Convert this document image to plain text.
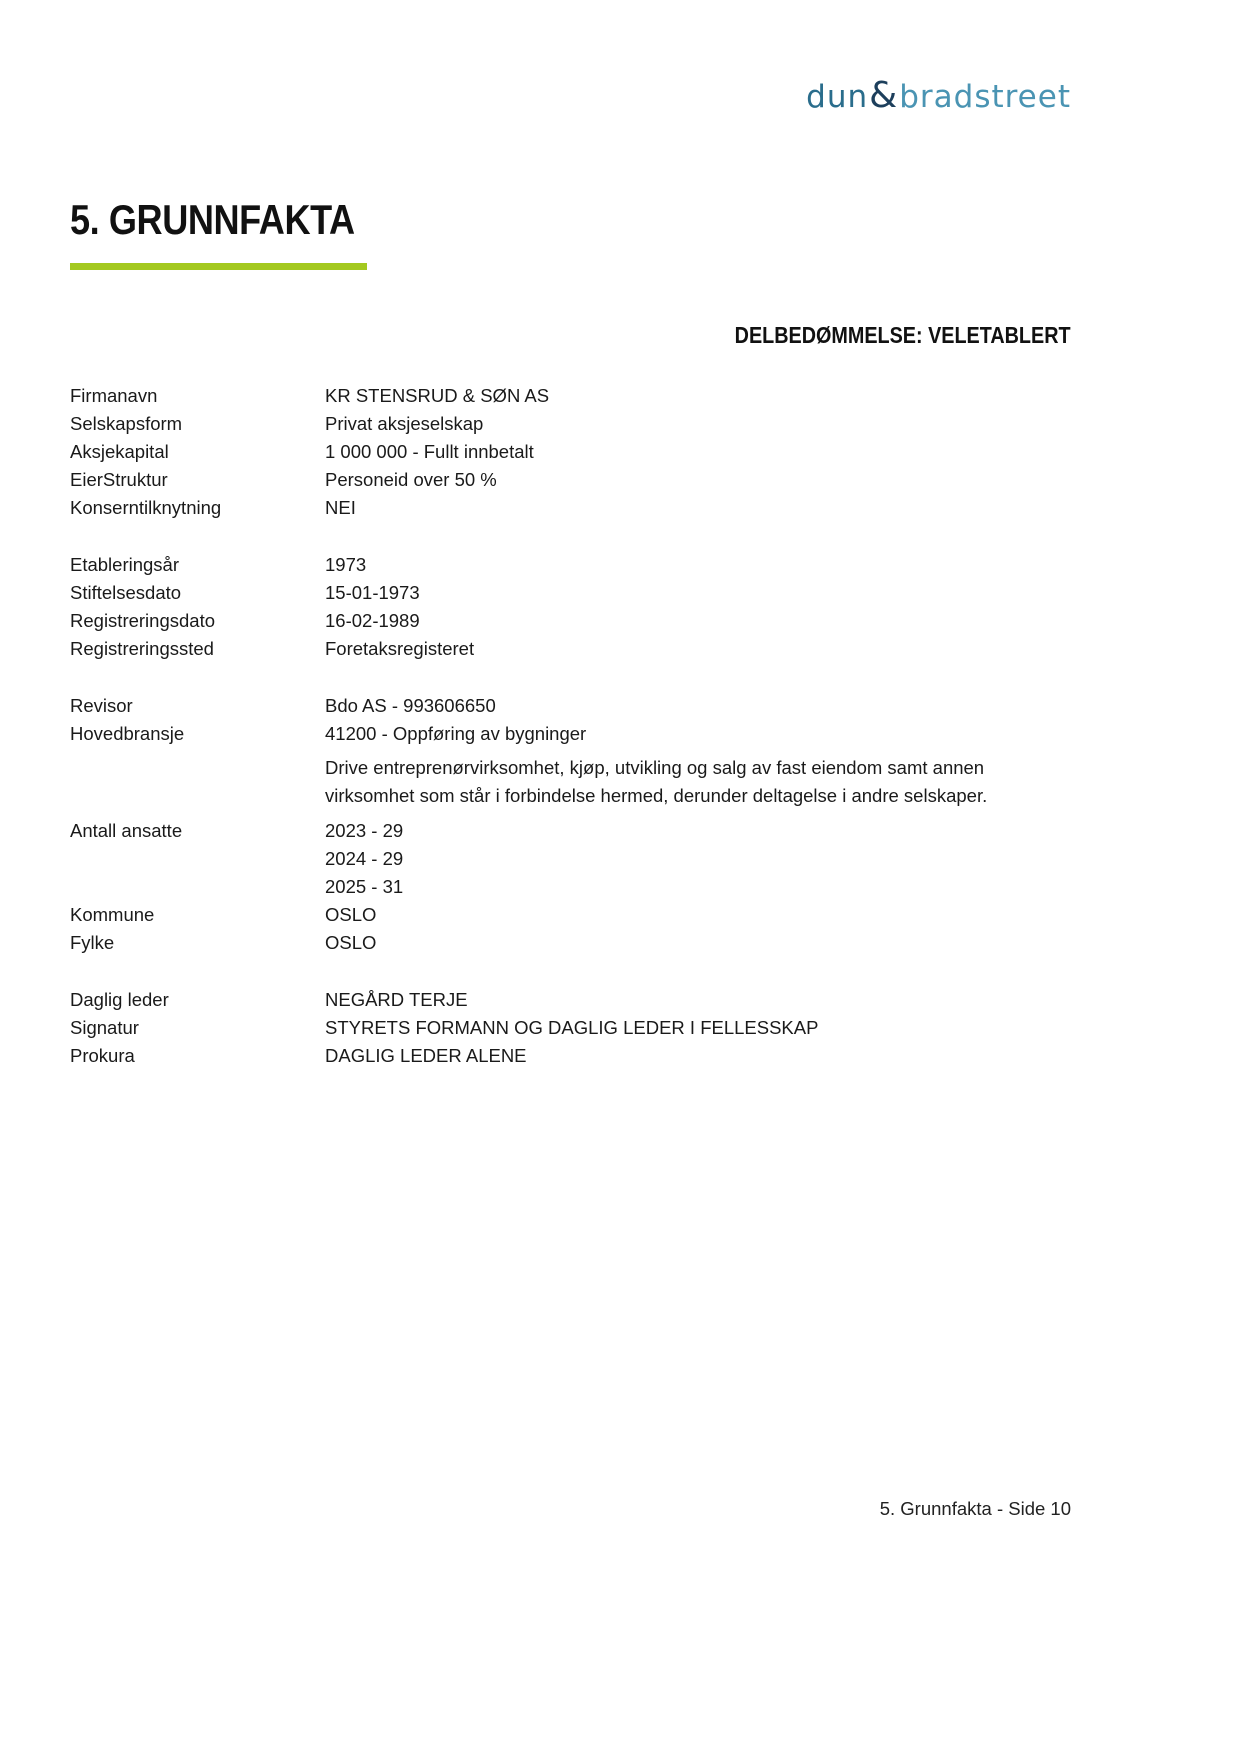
dun&bradstreet
5. GRUNNFAKTA
DELBEDØMMELSE: VELETABLERT
Firmanavn	KR STENSRUD & SØN AS
Selskapsform	Privat aksjeselskap
Aksjekapital	1 000 000 - Fullt innbetalt
EierStruktur	Personeid over 50 %
Konserntilknytning	NEI
Etableringsår	1973
Stiftelsesdato	15-01-1973
Registreringsdato	16-02-1989
Registreringssted	Foretaksregisteret
Revisor	Bdo AS - 993606650
Hovedbransje	41200 - Oppføring av bygninger
Drive entreprenørvirksomhet, kjøp, utvikling og salg av fast eiendom samt annen virksomhet som står i forbindelse hermed, derunder deltagelse i andre selskaper.
Antall ansatte	2023 - 29
2024 - 29
2025 - 31
Kommune	OSLO
Fylke	OSLO
Daglig leder	NEGÅRD TERJE
Signatur	STYRETS FORMANN OG DAGLIG LEDER I FELLESSKAP
Prokura	DAGLIG LEDER ALENE
5. Grunnfakta - Side 10
